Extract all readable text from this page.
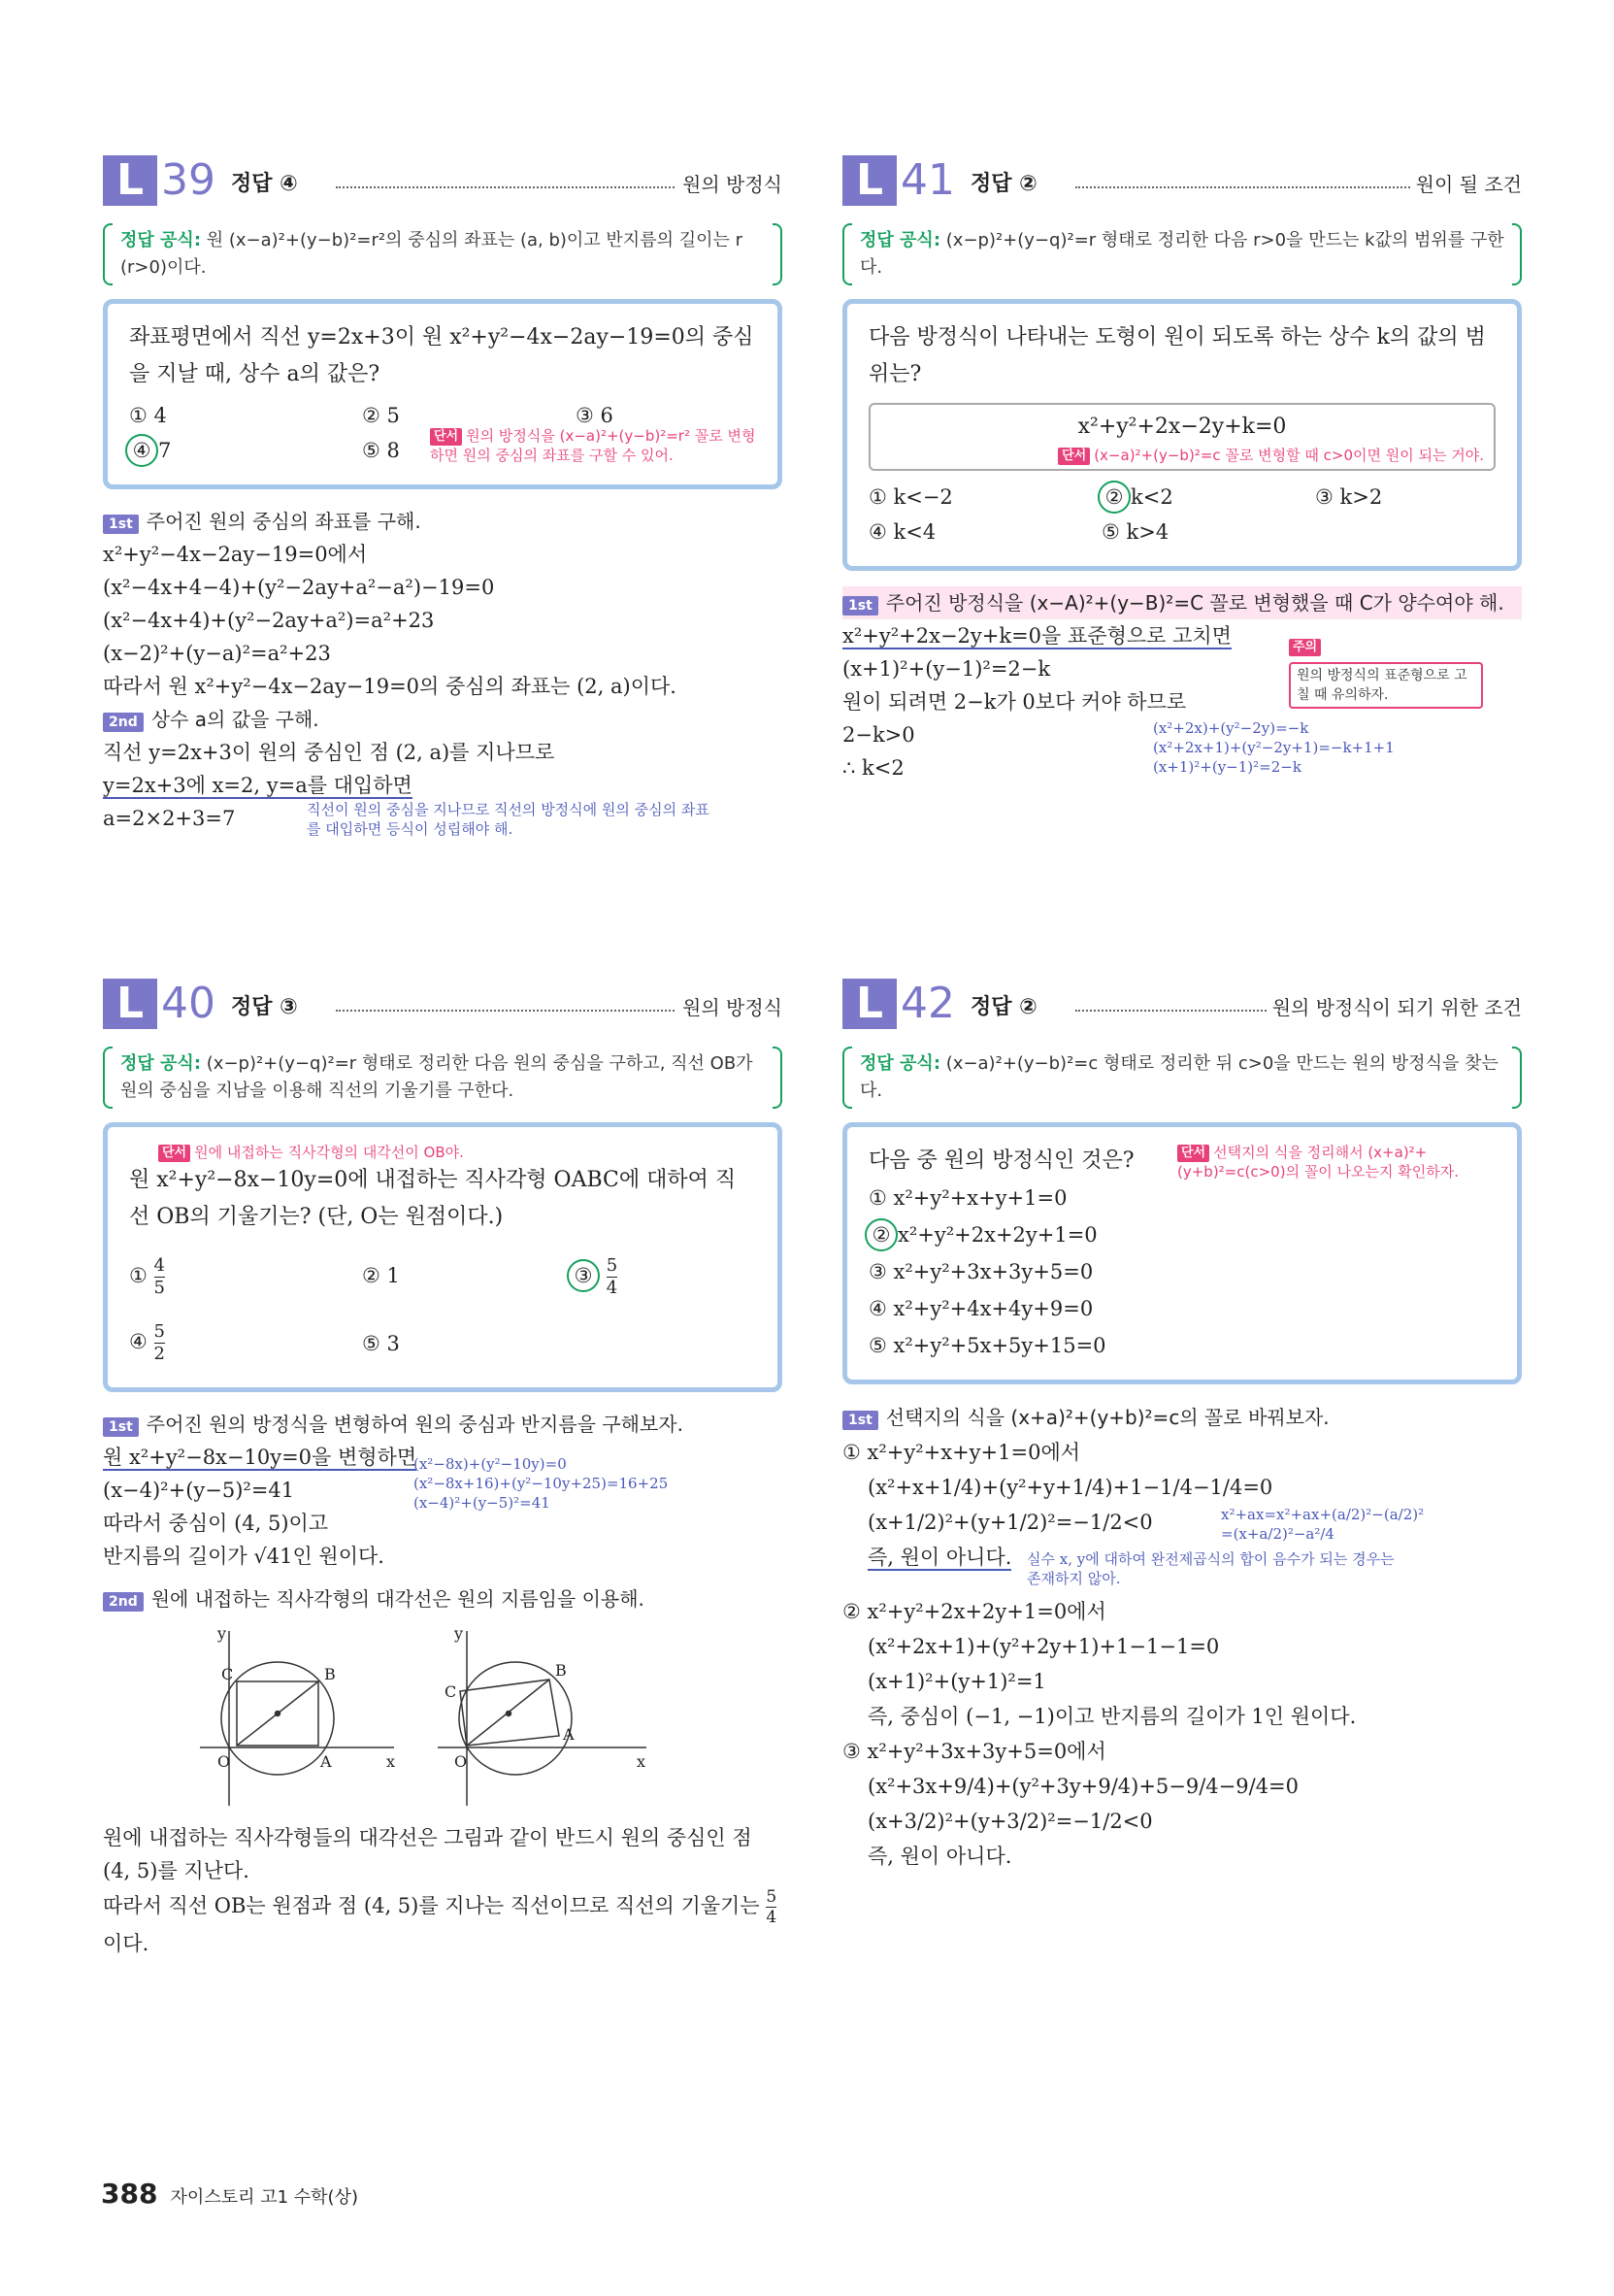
L 39 정답 ④	원의 방정식
정답 공식: 원 (x−a)²+(y−b)²=r²의 중심의 좌표는 (a, b)이고 반지름의 길이는 r (r>0)이다.
좌표평면에서 직선 y=2x+3이 원 x²+y²−4x−2ay−19=0의 중심을 지날 때, 상수 a의 값은?
① 4	② 5	③ 6
④ 7	⑤ 8
단서 원의 방정식을 (x−a)²+(y−b)²=r² 꼴로 변형하면 원의 중심의 좌표를 구할 수 있어.
1st 주어진 원의 중심의 좌표를 구해.
x²+y²−4x−2ay−19=0에서
(x²−4x+4−4)+(y²−2ay+a²−a²)−19=0
(x²−4x+4)+(y²−2ay+a²)=a²+23
(x−2)²+(y−a)²=a²+23
따라서 원 x²+y²−4x−2ay−19=0의 중심의 좌표는 (2, a)이다.
2nd 상수 a의 값을 구해.
직선 y=2x+3이 원의 중심인 점 (2, a)를 지나므로
y=2x+3에 x=2, y=a를 대입하면
a=2×2+3=7	직선이 원의 중심을 지나므로 직선의 방정식에 원의 중심의 좌표를 대입하면 등식이 성립해야 해.
L 40 정답 ③	원의 방정식
정답 공식: (x−p)²+(y−q)²=r 형태로 정리한 다음 원의 중심을 구하고, 직선 OB가 원의 중심을 지남을 이용해 직선의 기울기를 구한다.
단서 원에 내접하는 직사각형의 대각선이 OB야.
원 x²+y²−8x−10y=0에 내접하는 직사각형 OABC에 대하여 직선 OB의 기울기는? (단, O는 원점이다.)
① $\frac{4}{5}$	② 1	③ $\frac{5}{4}$
④ $\frac{5}{2}$	⑤ 3
1st 주어진 원의 방정식을 변형하여 원의 중심과 반지름을 구해보자.
원 x²+y²−8x−10y=0을 변형하면
(x−4)²+(y−5)²=41
따라서 중심이 (4, 5)이고
반지름의 길이가 √41인 원이다.
(x²−8x)+(y²−10y)=0
(x²−8x+16)+(y²−10y+25)=16+25
(x−4)²+(y−5)²=41
2nd 원에 내접하는 직사각형의 대각선은 원의 지름임을 이용해.
y
x
O	A
B
C
y
x
O
A
B
C
원에 내접하는 직사각형들의 대각선은 그림과 같이 반드시 원의 중심인 점 (4, 5)를 지난다.
따라서 직선 OB는 원점과 점 (4, 5)를 지나는 직선이므로 직선의 기울기는 $\frac{5}{4}$
이다.
L 41 정답 ②	원이 될 조건
정답 공식: (x−p)²+(y−q)²=r 형태로 정리한 다음 r>0을 만드는 k값의 범위를 구한다.
다음 방정식이 나타내는 도형이 원이 되도록 하는 상수 k의 값의 범위는?
x²+y²+2x−2y+k=0
단서 (x−a)²+(y−b)²=c 꼴로 변형할 때 c>0이면 원이 되는 거야.
① k<−2	② k<2	③ k>2
④ k<4	⑤ k>4
1st 주어진 방정식을 (x−A)²+(y−B)²=C 꼴로 변형했을 때 C가 양수여야 해.
주의
원의 방정식의 표준형으로 고칠 때 유의하자.
x²+y²+2x−2y+k=0을 표준형으로 고치면
(x+1)²+(y−1)²=2−k
원이 되려면 2−k가 0보다 커야 하므로
2−k>0	(x²+2x)+(y²−2y)=−k
(x²+2x+1)+(y²−2y+1)=−k+1+1
(x+1)²+(y−1)²=2−k
∴ k<2
L 42 정답 ②	원의 방정식이 되기 위한 조건
정답 공식: (x−a)²+(y−b)²=c 형태로 정리한 뒤 c>0을 만드는 원의 방정식을 찾는다.
다음 중 원의 방정식인 것은?	단서 선택지의 식을 정리해서 (x+a)²+(y+b)²=c(c>0)의 꼴이 나오는지 확인하자.
① x²+y²+x+y+1=0
② x²+y²+2x+2y+1=0
③ x²+y²+3x+3y+5=0
④ x²+y²+4x+4y+9=0
⑤ x²+y²+5x+5y+15=0
1st 선택지의 식을 (x+a)²+(y+b)²=c의 꼴로 바꿔보자.
① x²+y²+x+y+1=0에서
(x²+x+1/4)+(y²+y+1/4)+1−1/4−1/4=0
(x+1/2)²+(y+1/2)²=−1/2<0	x²+ax=x²+ax+(a/2)²−(a/2)²
=(x+a/2)²−a²/4
즉, 원이 아니다. 실수 x, y에 대하여 완전제곱식의 합이 음수가 되는 경우는 존재하지 않아.
② x²+y²+2x+2y+1=0에서
(x²+2x+1)+(y²+2y+1)+1−1−1=0
(x+1)²+(y+1)²=1
즉, 중심이 (−1, −1)이고 반지름의 길이가 1인 원이다.
③ x²+y²+3x+3y+5=0에서
(x²+3x+9/4)+(y²+3y+9/4)+5−9/4−9/4=0
(x+3/2)²+(y+3/2)²=−1/2<0
즉, 원이 아니다.
388 자이스토리 고1 수학(상)
